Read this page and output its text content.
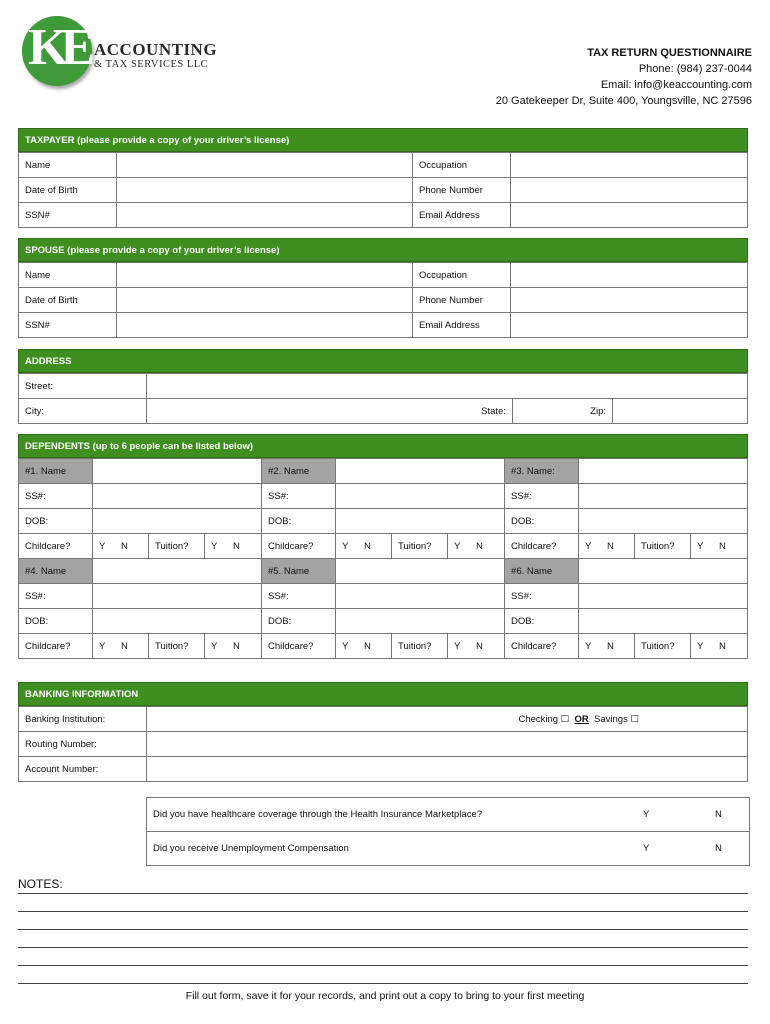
KE ACCOUNTING
& TAX SERVICES LLC
TAX RETURN QUESTIONNAIRE
Phone: (984) 237-0044
Email: info@keaccounting.com
20 Gatekeeper Dr, Suite 400, Youngsville, NC 27596
TAXPAYER (please provide a copy of your driver’s license)
Name		Occupation	
Date of Birth		Phone Number	
SSN#		Email Address	
SPOUSE (please provide a copy of your driver’s license)
Name		Occupation	
Date of Birth		Phone Number	
SSN#		Email Address	
ADDRESS
Street:			
City:	State:	Zip:	
DEPENDENTS (up to 6 people can be listed below)
#1. Name				#2. Name				#3. Name:			
SS#:				SS#:				SS#:			
DOB:				DOB:				DOB:			
Childcare?	Y N	Tuition?	Y N	Childcare?	Y N	Tuition?	Y N	Childcare?	Y N	Tuition?	Y N
#4. Name				#5. Name				#6. Name			
SS#:				SS#:				SS#:			
DOB:				DOB:				DOB:			
Childcare?	Y N	Tuition?	Y N	Childcare?	Y N	Tuition?	Y N	Childcare?	Y N	Tuition?	Y N
BANKING INFORMATION
Banking Institution:	Checking ☐ OR Savings ☐
Routing Number:	
Account Number:	
Did you have healthcare coverage through the Health Insurance Marketplace?	Y	N
Did you receive Unemployment Compensation	Y	N
NOTES:
Fill out form, save it for your records, and print out a copy to bring to your first meeting
